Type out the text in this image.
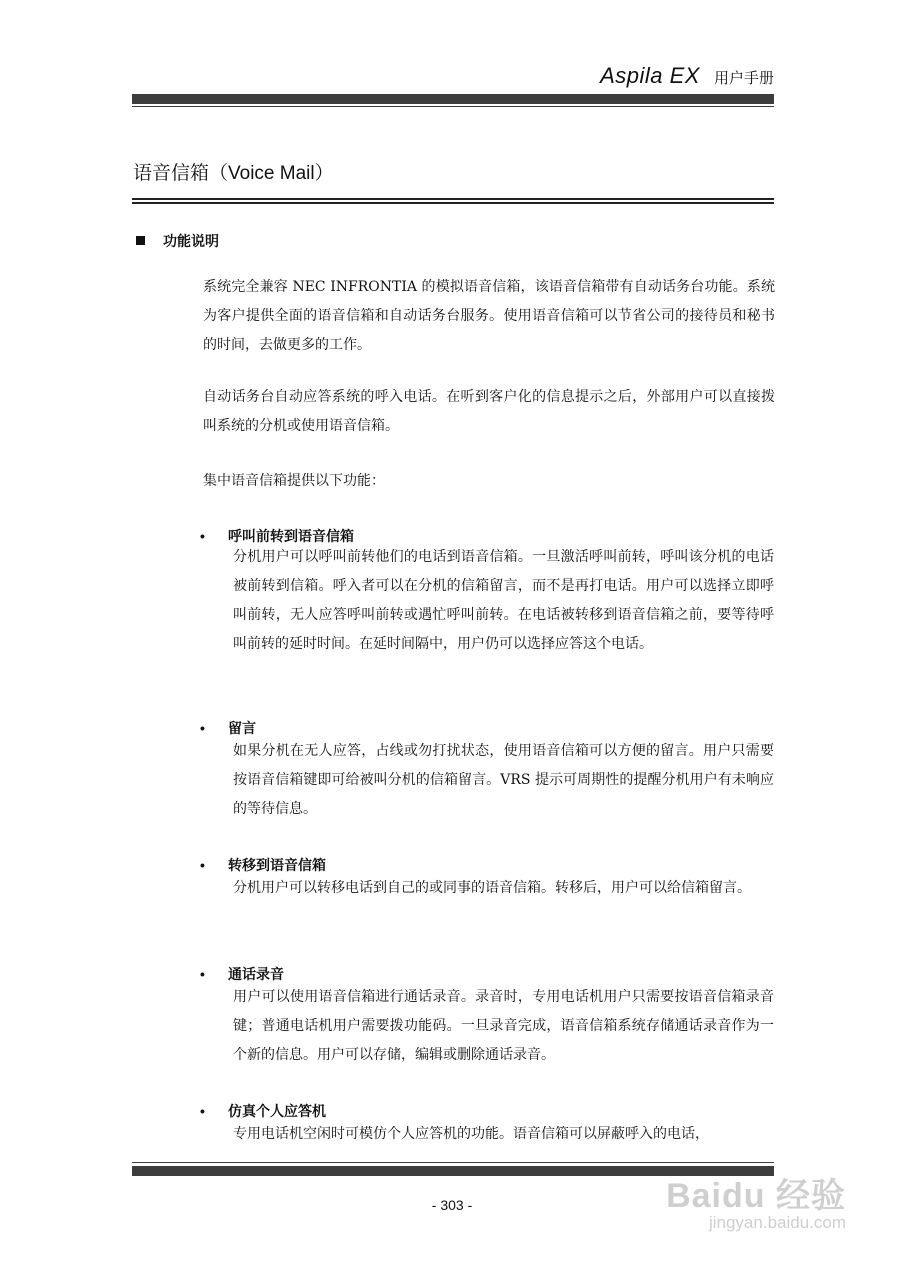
Aspila EX 用户手册
语音信箱（Voice Mail）
功能说明
系统完全兼容 NEC INFRONTIA 的模拟语音信箱，该语音信箱带有自动话务台功能。系统为客户提供全面的语音信箱和自动话务台服务。使用语音信箱可以节省公司的接待员和秘书的时间，去做更多的工作。
自动话务台自动应答系统的呼入电话。在听到客户化的信息提示之后，外部用户可以直接拨叫系统的分机或使用语音信箱。
集中语音信箱提供以下功能：
• 呼叫前转到语音信箱
分机用户可以呼叫前转他们的电话到语音信箱。一旦激活呼叫前转，呼叫该分机的电话被前转到信箱。呼入者可以在分机的信箱留言，而不是再打电话。用户可以选择立即呼叫前转，无人应答呼叫前转或遇忙呼叫前转。在电话被转移到语音信箱之前，要等待呼叫前转的延时时间。在延时间隔中，用户仍可以选择应答这个电话。
• 留言
如果分机在无人应答，占线或勿打扰状态，使用语音信箱可以方便的留言。用户只需要按语音信箱键即可给被叫分机的信箱留言。VRS 提示可周期性的提醒分机用户有未响应的等待信息。
• 转移到语音信箱
分机用户可以转移电话到自己的或同事的语音信箱。转移后，用户可以给信箱留言。
• 通话录音
用户可以使用语音信箱进行通话录音。录音时，专用电话机用户只需要按语音信箱录音键；普通电话机用户需要拨功能码。一旦录音完成，语音信箱系统存储通话录音作为一个新的信息。用户可以存储，编辑或删除通话录音。
• 仿真个人应答机
专用电话机空闲时可模仿个人应答机的功能。语音信箱可以屏蔽呼入的电话，
- 303 -	Baidu 经验
jingyan.baidu.com
